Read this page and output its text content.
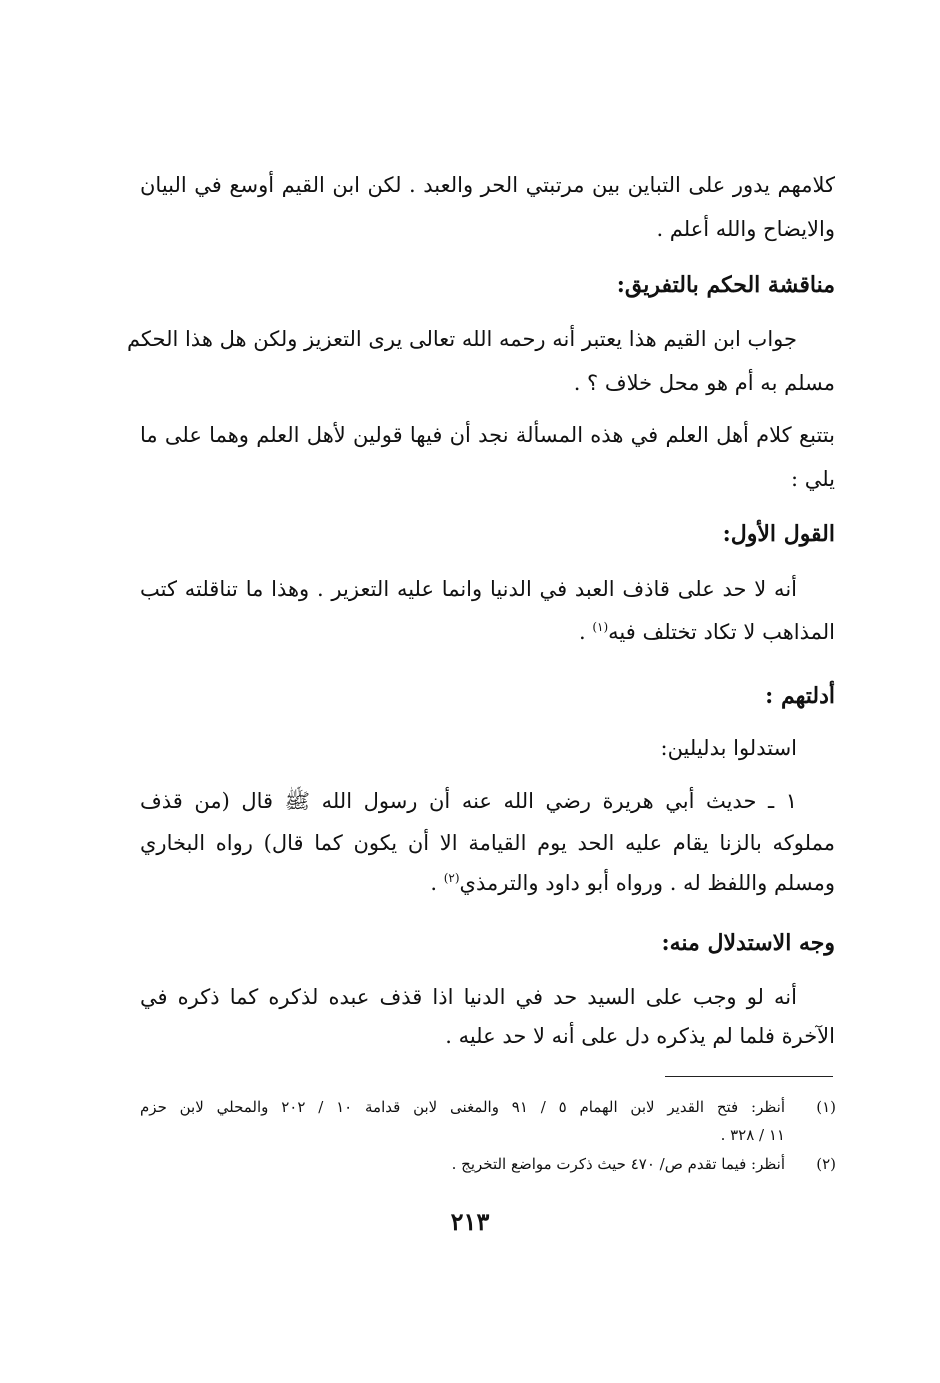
كلامهم يدور على التباين بين مرتبتي الحر والعبد . لكن ابن القيم أوسع في البيان
والايضاح والله أعلم .
مناقشة الحكم بالتفريق:
جواب ابن القيم هذا يعتبر أنه رحمه الله تعالى يرى التعزيز ولكن هل هذا الحكم
مسلم به أم هو محل خلاف ؟ .
بتتبع كلام أهل العلم في هذه المسألة نجد أن فيها قولين لأهل العلم وهما على ما
يلي :
القول الأول:
أنه لا حد على قاذف العبد في الدنيا وانما عليه التعزير . وهذا ما تناقلته كتب
المذاهب لا تكاد تختلف فيه$^{(١)}$ .
أدلتهم :
استدلوا بدليلين:
١ ـ حديث أبي هريرة رضي الله عنه أن رسول الله ﷺ قال (من قذف
مملوكه بالزنا يقام عليه الحد يوم القيامة الا أن يكون كما قال) رواه البخاري
ومسلم واللفظ له . ورواه أبو داود والترمذي$^{(٢)}$ .
وجه الاستدلال منه:
أنه لو وجب على السيد حد في الدنيا اذا قذف عبده لذكره كما ذكره في
الآخرة فلما لم يذكره دل على أنه لا حد عليه .
(١)
أنظر: فتح القدير لابن الهمام ٥ / ٩١ والمغنى لابن قدامة ١٠ / ٢٠٢ والمحلي لابن حزم
١١ / ٣٢٨ .
(٢)
أنظر: فيما تقدم ص/ ٤٧٠ حيث ذكرت مواضع التخريج .
٢١٣
